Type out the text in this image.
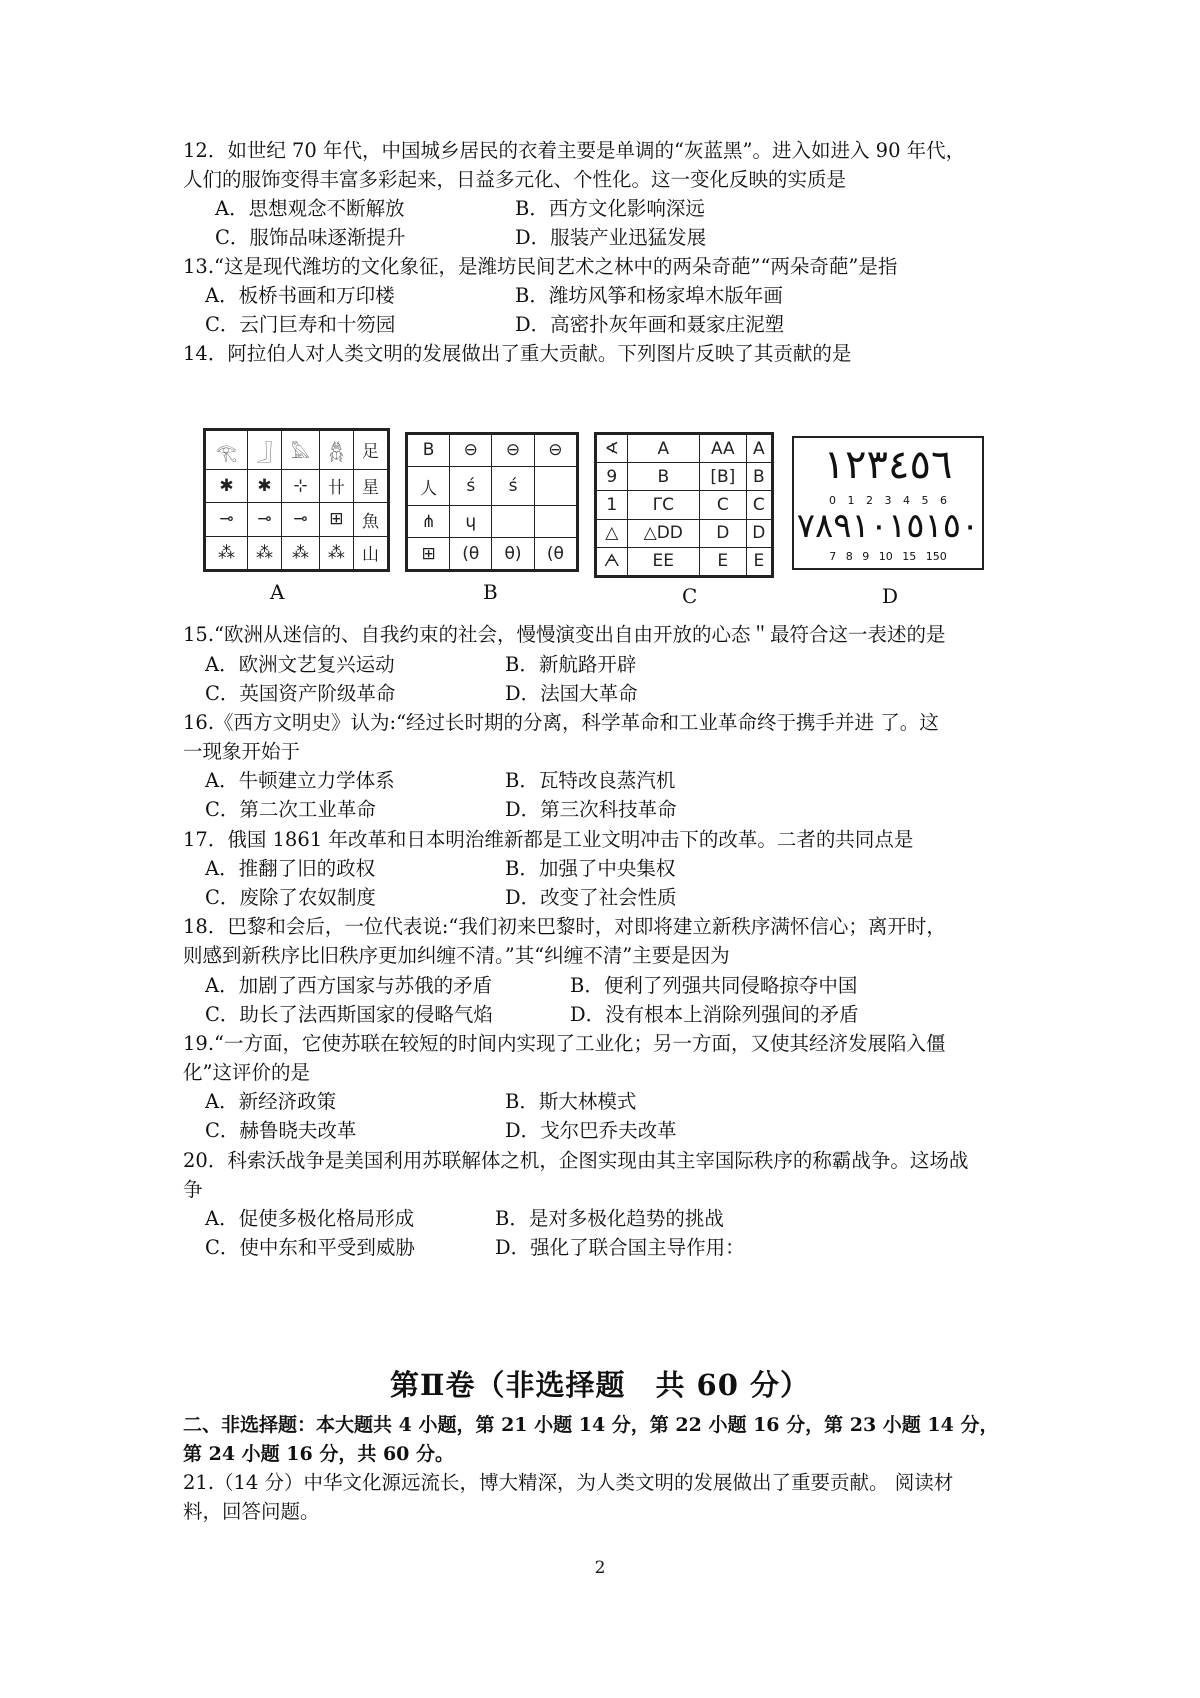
12．如世纪 70 年代，中国城乡居民的衣着主要是单调的“灰蓝黑”。进入如进入 90 年代，
人们的服饰变得丰富多彩起来，日益多元化、个性化。这一变化反映的实质是
A．思想观念不断解放	B．西方文化影响深远
C．服饰品味逐渐提升	D．服装产业迅猛发展
13.“这是现代潍坊的文化象征，是潍坊民间艺术之林中的两朵奇葩”“两朵奇葩”是指
A．板桥书画和万印楼	B．潍坊风筝和杨家埠木版年画
C．云门巨寿和十笏园	D．高密扑灰年画和聂家庄泥塑
14．阿拉伯人对人类文明的发展做出了重大贡献。下列图片反映了其贡献的是
𓂀	𓃀	𓅓	𓆣	足
✱	✱	⊹	卄	星
⊸	⊸	⊸	⊞	魚
⁂	⁂	⁂	⁂	山
A
B	⊖	⊖	⊖
人	ś	ś	
⋔	ɥ		
⊞	(θ	θ)	(θ
B
∢	A	AA	A
9	B	[B]	B
1	ΓC	C	C
△	△DD	D	D
ᗅ	EE	E	E
C
١٢٣٤٥٦
0 1 2 3 4 5 6
٧٨٩١٠١٥١٥٠
7 8 9 10 15 150
D
15.“欧洲从迷信的、自我约束的社会，慢慢演变出自由开放的心态＂最符合这一表述的是
A．欧洲文艺复兴运动	B．新航路开辟
C．英国资产阶级革命	D．法国大革命
16.《西方文明史》认为:“经过长时期的分离，科学革命和工业革命终于携手并进 了。这
一现象开始于
A．牛顿建立力学体系	B．瓦特改良蒸汽机
C．第二次工业革命	D．第三次科技革命
17．俄国 1861 年改革和日本明治维新都是工业文明冲击下的改革。二者的共同点是
A．推翻了旧的政权	B．加强了中央集权
C．废除了农奴制度	D．改变了社会性质
18．巴黎和会后，一位代表说:“我们初来巴黎时，对即将建立新秩序满怀信心；离开时，
则感到新秩序比旧秩序更加纠缠不清。”其“纠缠不清”主要是因为
A．加剧了西方国家与苏俄的矛盾	B．便利了列强共同侵略掠夺中国
C．助长了法西斯国家的侵略气焰	D．没有根本上消除列强间的矛盾
19.“一方面，它使苏联在较短的时间内实现了工业化；另一方面，又使其经济发展陷入僵
化”这评价的是
A．新经济政策	B．斯大林模式
C．赫鲁晓夫改革	D．戈尔巴乔夫改革
20．科索沃战争是美国利用苏联解体之机，企图实现由其主宰国际秩序的称霸战争。这场战
争
A．促使多极化格局形成	B．是对多极化趋势的挑战
C．使中东和平受到威胁	D．强化了联合国主导作用：
第Ⅱ卷（非选择题　共 60 分）
二、非选择题：本大题共 4 小题，第 21 小题 14 分，第 22 小题 16 分，第 23 小题 14 分，
第 24 小题 16 分，共 60 分。
21.（14 分）中华文化源远流长，博大精深，为人类文明的发展做出了重要贡献。 阅读材
料，回答问题。
2
